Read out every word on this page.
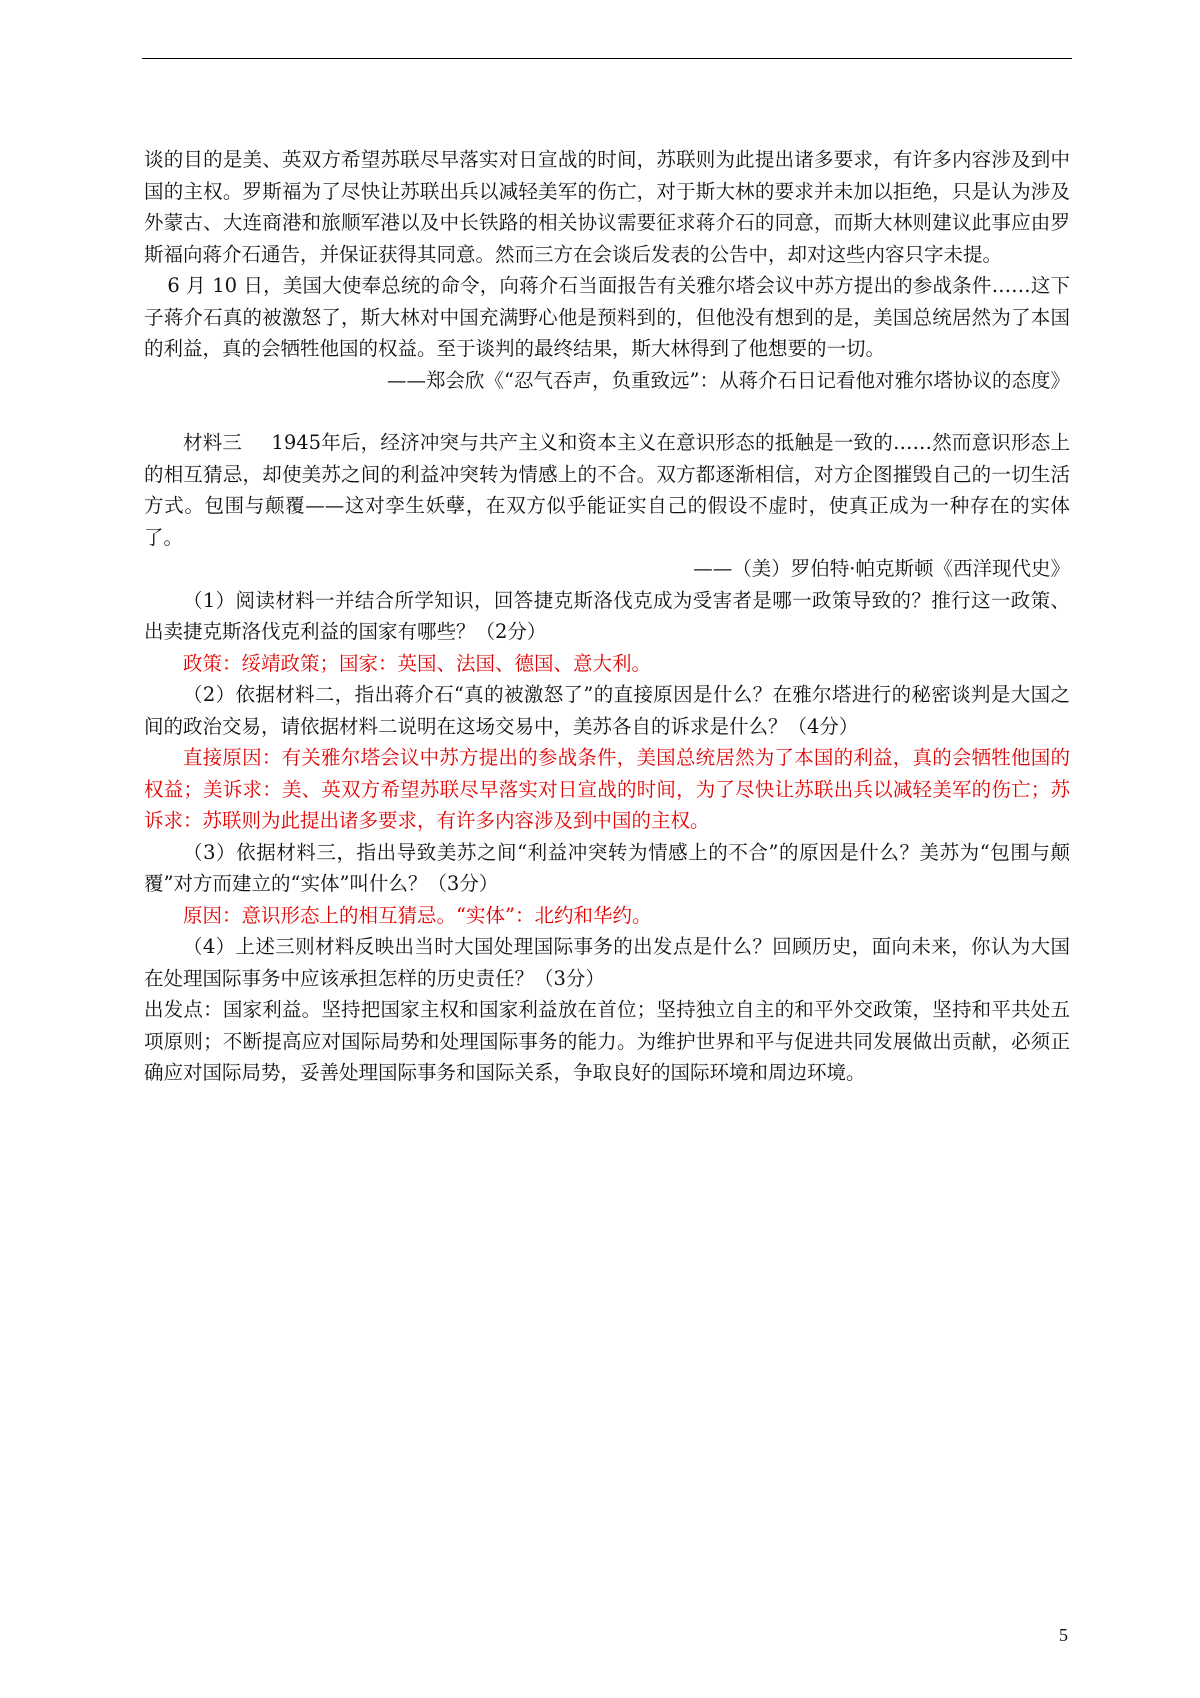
谈的目的是美、英双方希望苏联尽早落实对日宣战的时间，苏联则为此提出诸多要求，有许多内容涉及到中国的主权。罗斯福为了尽快让苏联出兵以减轻美军的伤亡，对于斯大林的要求并未加以拒绝，只是认为涉及外蒙古、大连商港和旅顺军港以及中长铁路的相关协议需要征求蒋介石的同意，而斯大林则建议此事应由罗斯福向蒋介石通告，并保证获得其同意。然而三方在会谈后发表的公告中，却对这些内容只字未提。

6 月 10 日，美国大使奉总统的命令，向蒋介石当面报告有关雅尔塔会议中苏方提出的参战条件……这下子蒋介石真的被激怒了，斯大林对中国充满野心他是预料到的，但他没有想到的是，美国总统居然为了本国的利益，真的会牺牲他国的权益。至于谈判的最终结果，斯大林得到了他想要的一切。

——郑会欣《“忍气吞声，负重致远”：从蒋介石日记看他对雅尔塔协议的态度》

材料三   1945年后，经济冲突与共产主义和资本主义在意识形态的抵触是一致的……然而意识形态上的相互猜忌，却使美苏之间的利益冲突转为情感上的不合。双方都逐渐相信，对方企图摧毁自己的一切生活方式。包围与颠覆——这对孪生妖孽，在双方似乎能证实自己的假设不虚时，使真正成为一种存在的实体了。

——（美）罗伯特·帕克斯顿《西洋现代史》

（1）阅读材料一并结合所学知识，回答捷克斯洛伐克成为受害者是哪一政策导致的？推行这一政策、出卖捷克斯洛伐克利益的国家有哪些？（2分）

政策：绥靖政策；国家：英国、法国、德国、意大利。

（2）依据材料二，指出蒋介石“真的被激怒了”的直接原因是什么？在雅尔塔进行的秘密谈判是大国之间的政治交易，请依据材料二说明在这场交易中，美苏各自的诉求是什么？（4分）

直接原因：有关雅尔塔会议中苏方提出的参战条件，美国总统居然为了本国的利益，真的会牺牲他国的权益；美诉求：美、英双方希望苏联尽早落实对日宣战的时间，为了尽快让苏联出兵以减轻美军的伤亡；苏诉求：苏联则为此提出诸多要求，有许多内容涉及到中国的主权。

（3）依据材料三，指出导致美苏之间“利益冲突转为情感上的不合”的原因是什么？美苏为“包围与颠覆”对方而建立的“实体”叫什么？（3分）

原因：意识形态上的相互猜忌。“实体”：北约和华约。

（4）上述三则材料反映出当时大国处理国际事务的出发点是什么？回顾历史，面向未来，你认为大国在处理国际事务中应该承担怎样的历史责任？（3分）

出发点：国家利益。坚持把国家主权和国家利益放在首位；坚持独立自主的和平外交政策，坚持和平共处五项原则；不断提高应对国际局势和处理国际事务的能力。为维护世界和平与促进共同发展做出贡献，必须正确应对国际局势，妥善处理国际事务和国际关系，争取良好的国际环境和周边环境。

5
